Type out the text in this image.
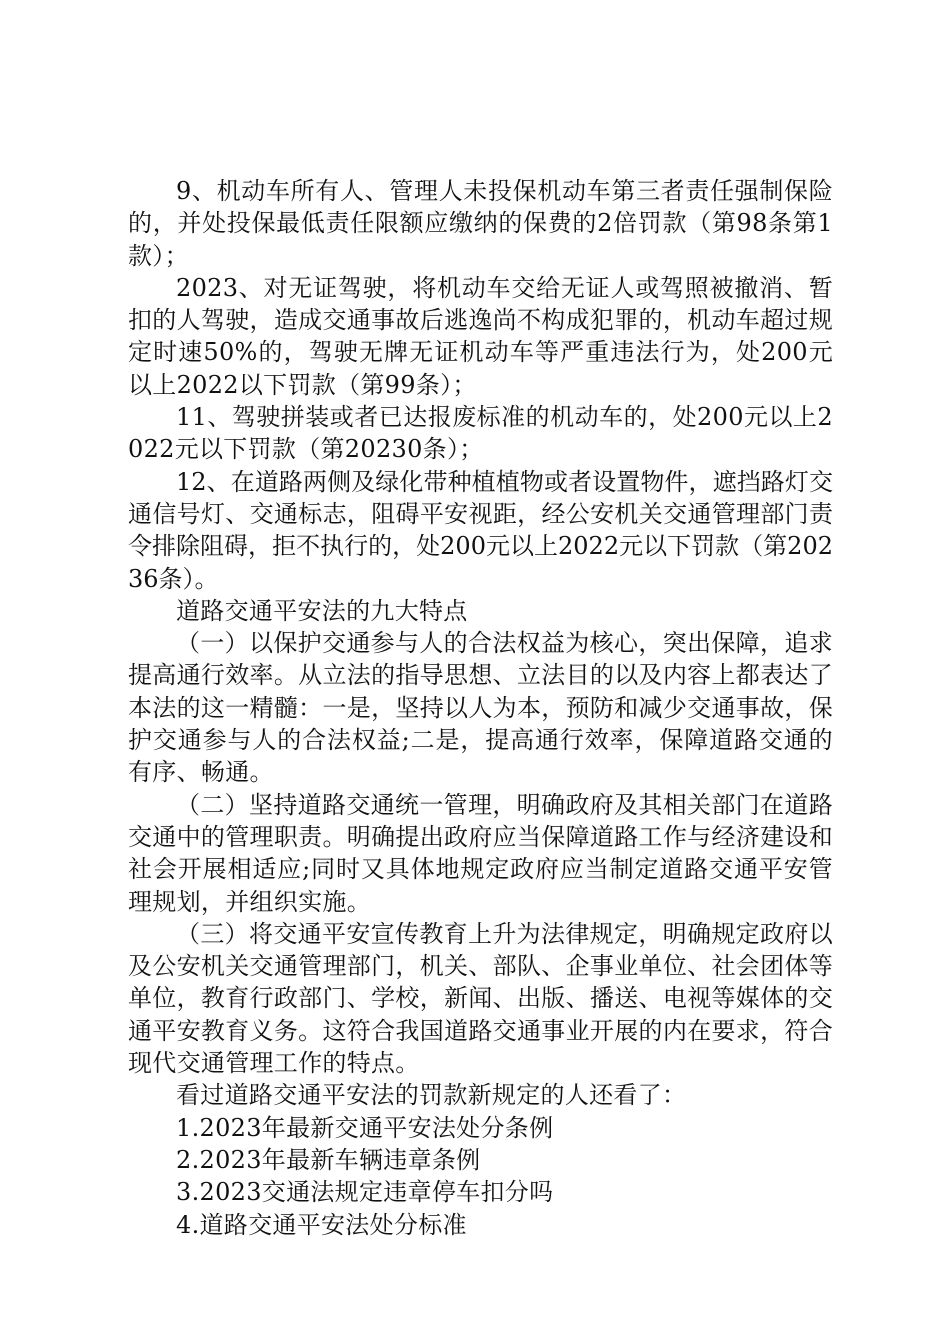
9、机动车所有人、管理人未投保机动车第三者责任强制保险的，并处投保最低责任限额应缴纳的保费的2倍罚款（第98条第1款）；

2023、对无证驾驶，将机动车交给无证人或驾照被撤消、暂扣的人驾驶，造成交通事故后逃逸尚不构成犯罪的，机动车超过规定时速50%的，驾驶无牌无证机动车等严重违法行为，处200元以上2022以下罚款（第99条）；

11、驾驶拼装或者已达报废标准的机动车的，处200元以上2022元以下罚款（第20230条）；

12、在道路两侧及绿化带种植植物或者设置物件，遮挡路灯交通信号灯、交通标志，阻碍平安视距，经公安机关交通管理部门责令排除阻碍，拒不执行的，处200元以上2022元以下罚款（第20236条）。

道路交通平安法的九大特点

（一）以保护交通参与人的合法权益为核心，突出保障，追求提高通行效率。从立法的指导思想、立法目的以及内容上都表达了本法的这一精髓：一是，坚持以人为本，预防和减少交通事故，保护交通参与人的合法权益;二是，提高通行效率，保障道路交通的有序、畅通。

（二）坚持道路交通统一管理，明确政府及其相关部门在道路交通中的管理职责。明确提出政府应当保障道路工作与经济建设和社会开展相适应;同时又具体地规定政府应当制定道路交通平安管理规划，并组织实施。

（三）将交通平安宣传教育上升为法律规定，明确规定政府以及公安机关交通管理部门，机关、部队、企事业单位、社会团体等单位，教育行政部门、学校，新闻、出版、播送、电视等媒体的交通平安教育义务。这符合我国道路交通事业开展的内在要求，符合现代交通管理工作的特点。

看过道路交通平安法的罚款新规定的人还看了：

1.2023年最新交通平安法处分条例

2.2023年最新车辆违章条例

3.2023交通法规定违章停车扣分吗

4.道路交通平安法处分标准
